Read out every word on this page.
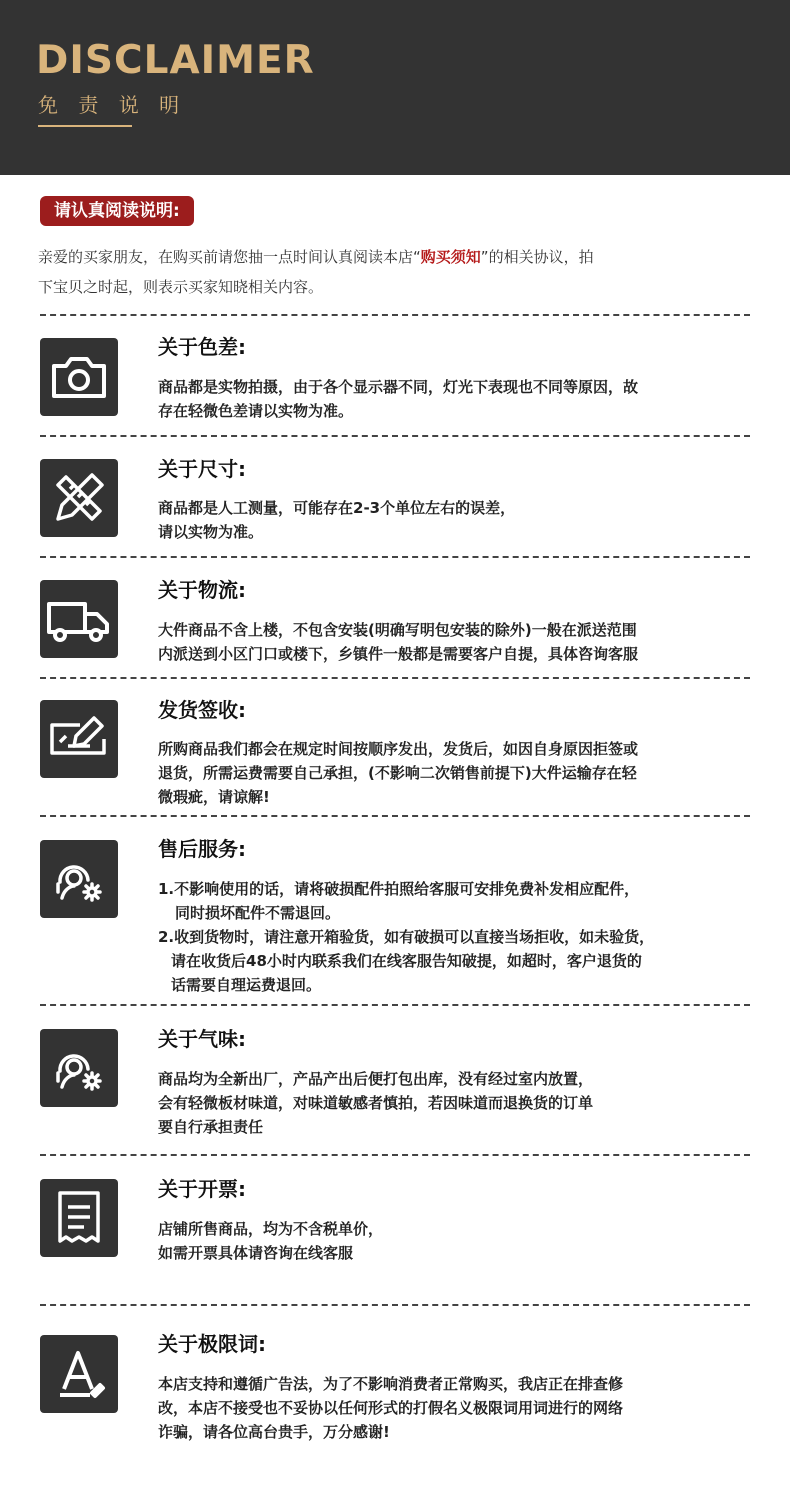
DISCLAIMER
免 责 说 明
请认真阅读说明:
亲爱的买家朋友，在购买前请您抽一点时间认真阅读本店“购买须知”的相关协议，拍
下宝贝之时起，则表示买家知晓相关内容。
关于色差:
商品都是实物拍摄，由于各个显示器不同，灯光下表现也不同等原因，故
存在轻微色差请以实物为准。
关于尺寸:
商品都是人工测量，可能存在2-3个单位左右的误差，
请以实物为准。
关于物流:
大件商品不含上楼，不包含安装(明确写明包安装的除外)一般在派送范围
内派送到小区门口或楼下，乡镇件一般都是需要客户自提，具体咨询客服
发货签收:
所购商品我们都会在规定时间按顺序发出，发货后，如因自身原因拒签或
退货，所需运费需要自己承担，(不影响二次销售前提下)大件运输存在轻
微瑕疵，请谅解!
售后服务:
1.不影响使用的话，请将破损配件拍照给客服可安排免费补发相应配件，
同时损坏配件不需退回。
2.收到货物时，请注意开箱验货，如有破损可以直接当场拒收，如未验货，
请在收货后48小时内联系我们在线客服告知破提，如超时，客户退货的
话需要自理运费退回。
关于气味:
商品均为全新出厂，产品产出后便打包出库，没有经过室内放置，
会有轻微板材味道，对味道敏感者慎拍，若因味道而退换货的订单
要自行承担责任
关于开票:
店铺所售商品，均为不含税单价，
如需开票具体请咨询在线客服
关于极限词:
本店支持和遵循广告法，为了不影响消费者正常购买，我店正在排查修
改，本店不接受也不妥协以任何形式的打假名义极限词用词进行的网络
诈骗，请各位高台贵手，万分感谢!
